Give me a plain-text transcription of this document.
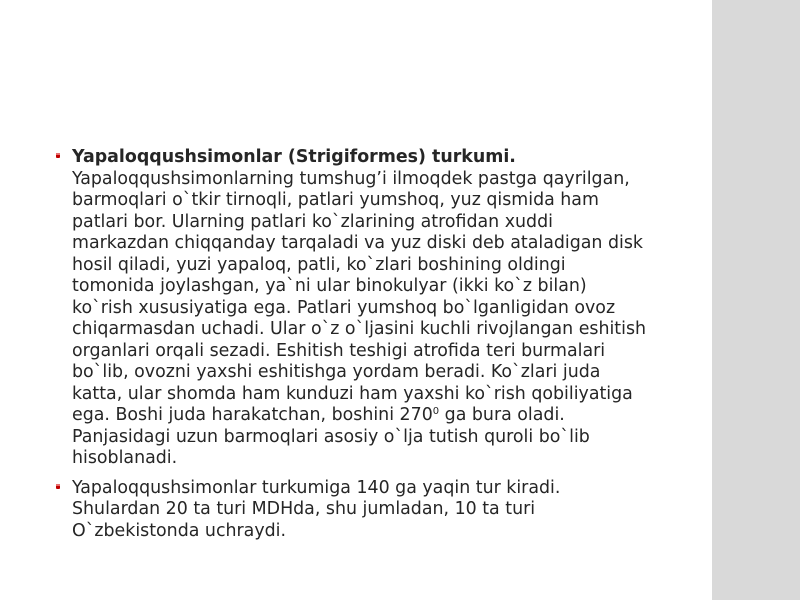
Yapaloqqushsimonlar (Strigiformes) turkumi.
Yapaloqqushsimonlarning tumshug’i ilmoqdek pastga qayrilgan, barmoqlari o`tkir tirnoqli, patlari yumshoq, yuz qismida ham patlari bor. Ularning patlari ko`zlarining atrofidan xuddi markazdan chiqqanday tarqaladi va yuz diski deb ataladigan disk hosil qiladi, yuzi yapaloq, patli, ko`zlari boshining oldingi tomonida joylashgan, ya`ni ular binokulyar (ikki ko`z bilan) ko`rish xususiyatiga ega. Patlari yumshoq bo`lganligidan ovoz chiqarmasdan uchadi. Ular o`z o`ljasini kuchli rivojlangan eshitish organlari orqali sezadi. Eshitish teshigi atrofida teri burmalari bo`lib, ovozni yaxshi eshitishga yordam beradi. Ko`zlari juda katta, ular shomda ham kunduzi ham yaxshi ko`rish qobiliyatiga ega. Boshi juda harakatchan, boshini $270^0$ ga bura oladi. Panjasidagi uzun barmoqlari asosiy o`lja tutish quroli bo`lib hisoblanadi.
Yapaloqqushsimonlar turkumiga 140 ga yaqin tur kiradi. Shulardan 20 ta turi MDHda, shu jumladan, 10 ta turi O`zbekistonda uchraydi.
